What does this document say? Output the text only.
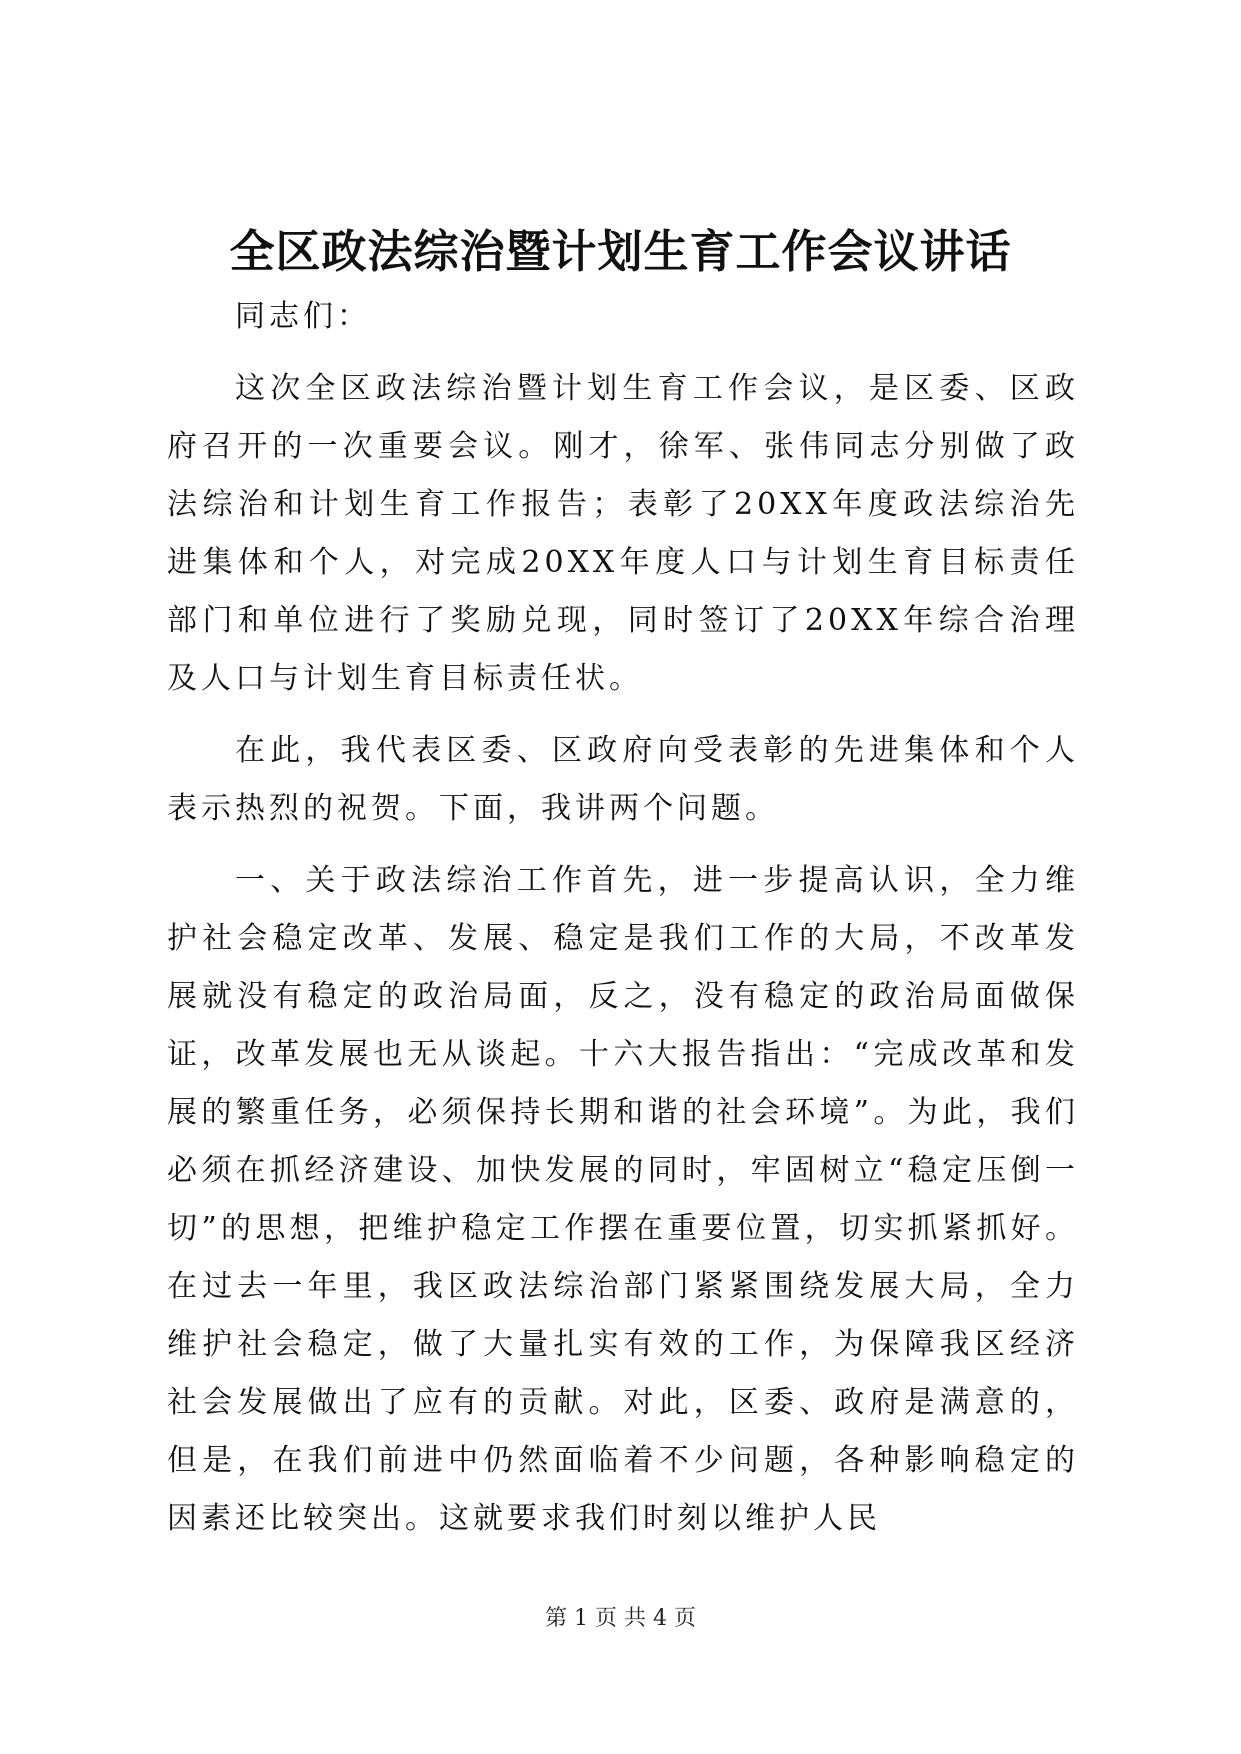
全区政法综治暨计划生育工作会议讲话

同志们：

这次全区政法综治暨计划生育工作会议，是区委、区政府召开的一次重要会议。刚才，徐军、张伟同志分别做了政法综治和计划生育工作报告；表彰了20XX年度政法综治先进集体和个人，对完成20XX年度人口与计划生育目标责任部门和单位进行了奖励兑现，同时签订了20XX年综合治理及人口与计划生育目标责任状。

在此，我代表区委、区政府向受表彰的先进集体和个人表示热烈的祝贺。下面，我讲两个问题。

一、关于政法综治工作首先，进一步提高认识，全力维护社会稳定改革、发展、稳定是我们工作的大局，不改革发展就没有稳定的政治局面，反之，没有稳定的政治局面做保证，改革发展也无从谈起。十六大报告指出：“完成改革和发展的繁重任务，必须保持长期和谐的社会环境”。为此，我们必须在抓经济建设、加快发展的同时，牢固树立“稳定压倒一切”的思想，把维护稳定工作摆在重要位置，切实抓紧抓好。在过去一年里，我区政法综治部门紧紧围绕发展大局，全力维护社会稳定，做了大量扎实有效的工作，为保障我区经济社会发展做出了应有的贡献。对此，区委、政府是满意的，但是，在我们前进中仍然面临着不少问题，各种影响稳定的因素还比较突出。这就要求我们时刻以维护人民

第 1 页 共 4 页
